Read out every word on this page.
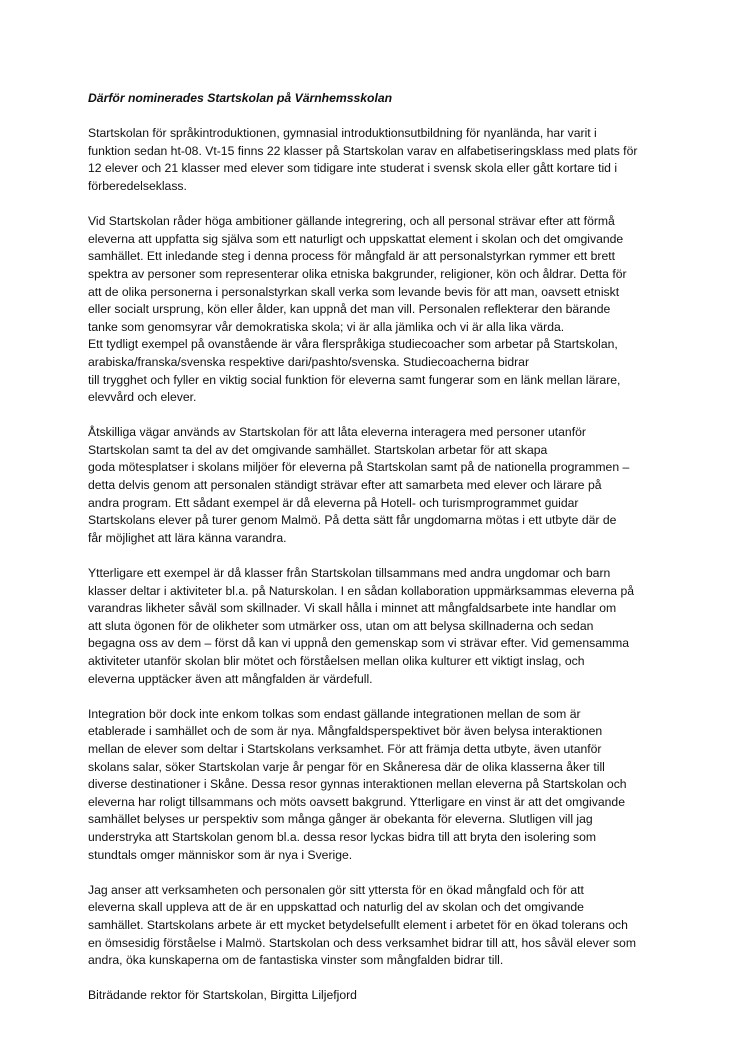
Därför nominerades Startskolan på Värnhemsskolan
Startskolan för språkintroduktionen, gymnasial introduktionsutbildning för nyanlända, har varit i
funktion sedan ht-08. Vt-15 finns 22 klasser på Startskolan varav en alfabetiseringsklass med plats för
12 elever och 21 klasser med elever som tidigare inte studerat i svensk skola eller gått kortare tid i
förberedelseklass.
Vid Startskolan råder höga ambitioner gällande integrering, och all personal strävar efter att förmå
eleverna att uppfatta sig själva som ett naturligt och uppskattat element i skolan och det omgivande
samhället. Ett inledande steg i denna process för mångfald är att personalstyrkan rymmer ett brett
spektra av personer som representerar olika etniska bakgrunder, religioner, kön och åldrar. Detta för
att de olika personerna i personalstyrkan skall verka som levande bevis för att man, oavsett etniskt
eller socialt ursprung, kön eller ålder, kan uppnå det man vill. Personalen reflekterar den bärande
tanke som genomsyrar vår demokratiska skola; vi är alla jämlika och vi är alla lika värda.
Ett tydligt exempel på ovanstående är våra flerspråkiga studiecoacher som arbetar på Startskolan,
arabiska/franska/svenska respektive dari/pashto/svenska. Studiecoacherna bidrar
till trygghet och fyller en viktig social funktion för eleverna samt fungerar som en länk mellan lärare,
elevvård och elever.
Åtskilliga vägar används av Startskolan för att låta eleverna interagera med personer utanför
Startskolan samt ta del av det omgivande samhället. Startskolan arbetar för att skapa
goda mötesplatser i skolans miljöer för eleverna på Startskolan samt på de nationella programmen –
detta delvis genom att personalen ständigt strävar efter att samarbeta med elever och lärare på
andra program. Ett sådant exempel är då eleverna på Hotell- och turismprogrammet guidar
Startskolans elever på turer genom Malmö. På detta sätt får ungdomarna mötas i ett utbyte där de
får möjlighet att lära känna varandra.
Ytterligare ett exempel är då klasser från Startskolan tillsammans med andra ungdomar och barn
klasser deltar i aktiviteter bl.a. på Naturskolan. I en sådan kollaboration uppmärksammas eleverna på
varandras likheter såväl som skillnader. Vi skall hålla i minnet att mångfaldsarbete inte handlar om
att sluta ögonen för de olikheter som utmärker oss, utan om att belysa skillnaderna och sedan
begagna oss av dem – först då kan vi uppnå den gemenskap som vi strävar efter. Vid gemensamma
aktiviteter utanför skolan blir mötet och förståelsen mellan olika kulturer ett viktigt inslag, och
eleverna upptäcker även att mångfalden är värdefull.
Integration bör dock inte enkom tolkas som endast gällande integrationen mellan de som är
etablerade i samhället och de som är nya. Mångfaldsperspektivet bör även belysa interaktionen
mellan de elever som deltar i Startskolans verksamhet. För att främja detta utbyte, även utanför
skolans salar, söker Startskolan varje år pengar för en Skåneresa där de olika klasserna åker till
diverse destinationer i Skåne. Dessa resor gynnas interaktionen mellan eleverna på Startskolan och
eleverna har roligt tillsammans och möts oavsett bakgrund. Ytterligare en vinst är att det omgivande
samhället belyses ur perspektiv som många gånger är obekanta för eleverna. Slutligen vill jag
understryka att Startskolan genom bl.a. dessa resor lyckas bidra till att bryta den isolering som
stundtals omger människor som är nya i Sverige.
Jag anser att verksamheten och personalen gör sitt yttersta för en ökad mångfald och för att
eleverna skall uppleva att de är en uppskattad och naturlig del av skolan och det omgivande
samhället. Startskolans arbete är ett mycket betydelsefullt element i arbetet för en ökad tolerans och
en ömsesidig förståelse i Malmö. Startskolan och dess verksamhet bidrar till att, hos såväl elever som
andra, öka kunskaperna om de fantastiska vinster som mångfalden bidrar till.
Biträdande rektor för Startskolan, Birgitta Liljefjord
